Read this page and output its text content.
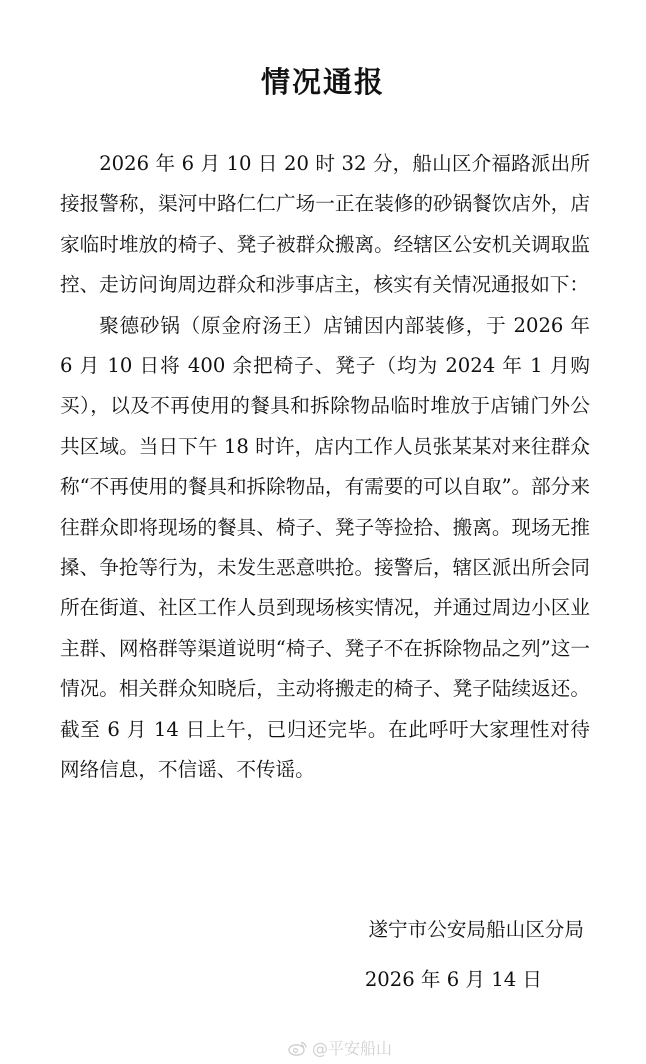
情况通报

2026 年 6 月 10 日 20 时 32 分，船山区介福路派出所接报警称，渠河中路仁仁广场一正在装修的砂锅餐饮店外，店家临时堆放的椅子、凳子被群众搬离。经辖区公安机关调取监控、走访问询周边群众和涉事店主，核实有关情况通报如下：

聚德砂锅（原金府汤王）店铺因内部装修，于 2026 年 6 月 10 日将 400 余把椅子、凳子（均为 2024 年 1 月购买），以及不再使用的餐具和拆除物品临时堆放于店铺门外公共区域。当日下午 18 时许，店内工作人员张某某对来往群众称“不再使用的餐具和拆除物品，有需要的可以自取”。部分来往群众即将现场的餐具、椅子、凳子等捡拾、搬离。现场无推搡、争抢等行为，未发生恶意哄抢。接警后，辖区派出所会同所在街道、社区工作人员到现场核实情况，并通过周边小区业主群、网格群等渠道说明“椅子、凳子不在拆除物品之列”这一情况。相关群众知晓后，主动将搬走的椅子、凳子陆续返还。截至 6 月 14 日上午，已归还完毕。在此呼吁大家理性对待网络信息，不信谣、不传谣。

遂宁市公安局船山区分局
2026 年 6 月 14 日
@平安船山
